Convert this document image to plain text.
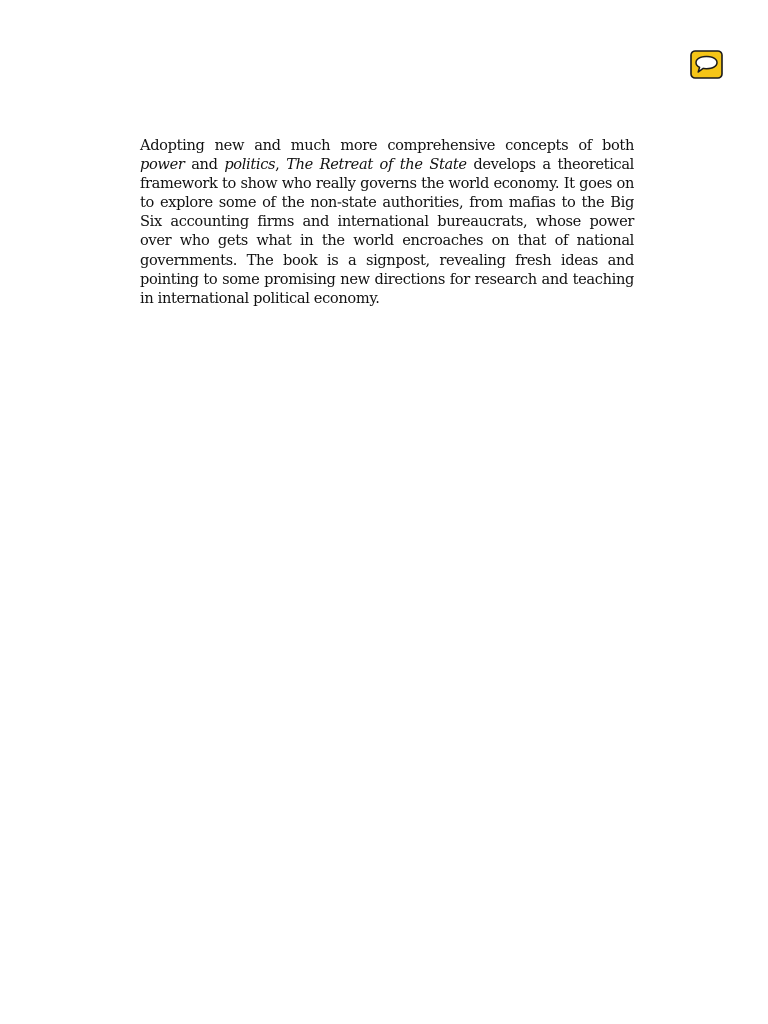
Adopting new and much more comprehensive concepts of both power and politics, The Retreat of the State develops a theoretical framework to show who really governs the world economy. It goes on to explore some of the non-state authorities, from mafias to the Big Six accounting firms and international bureaucrats, whose power over who gets what in the world encroaches on that of national governments. The book is a signpost, revealing fresh ideas and pointing to some promising new directions for research and teaching in international political economy.
